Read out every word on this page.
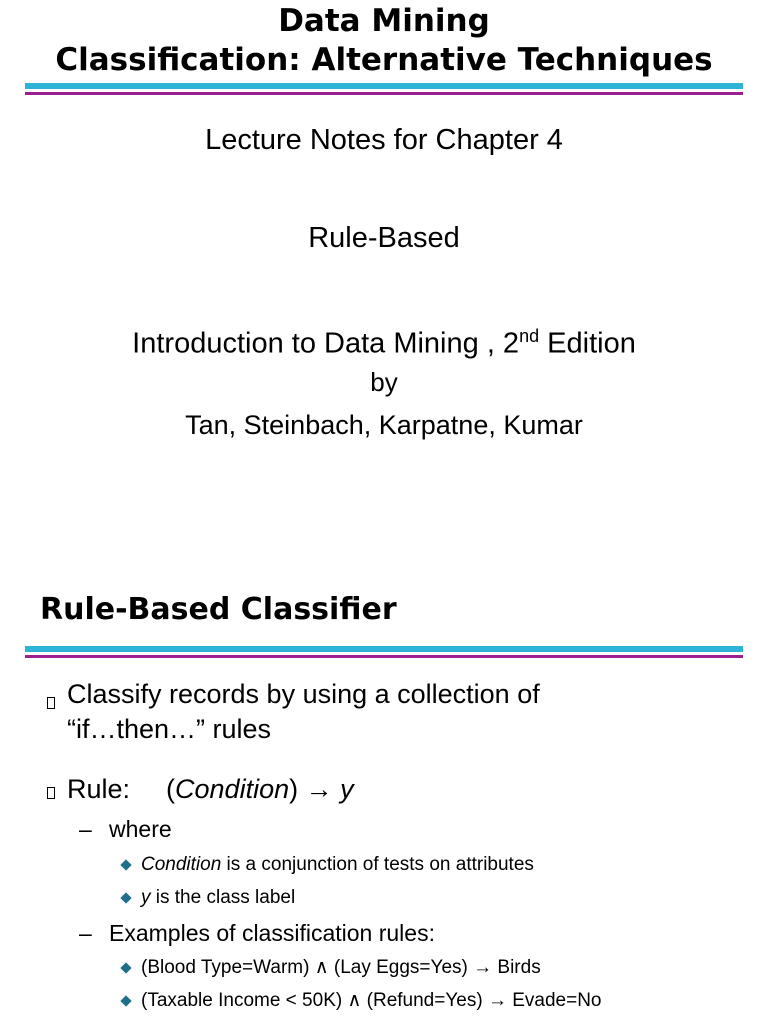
Data Mining
Classification: Alternative Techniques
Lecture Notes for Chapter 4
Rule-Based
Introduction to Data Mining , 2nd Edition
by
Tan, Steinbach, Karpatne, Kumar
Rule-Based Classifier
Classify records by using a collection of
“if…then…” rules
Rule: (Condition) → y
– where
Condition is a conjunction of tests on attributes
y is the class label
– Examples of classification rules:
(Blood Type=Warm) ∧ (Lay Eggs=Yes) → Birds
(Taxable Income < 50K) ∧ (Refund=Yes) → Evade=No
